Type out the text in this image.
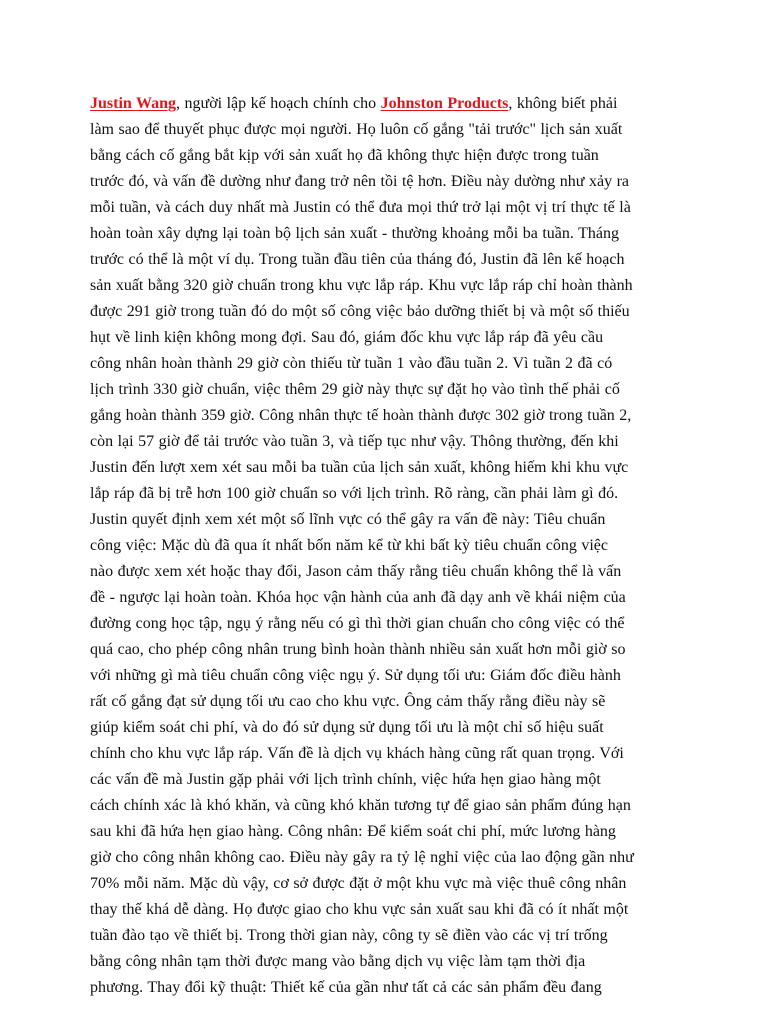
Justin Wang, người lập kế hoạch chính cho Johnston Products, không biết phải
làm sao để thuyết phục được mọi người. Họ luôn cố gắng "tải trước" lịch sản xuất
bằng cách cố gắng bắt kịp với sản xuất họ đã không thực hiện được trong tuần
trước đó, và vấn đề dường như đang trở nên tồi tệ hơn. Điều này dường như xảy ra
mỗi tuần, và cách duy nhất mà Justin có thể đưa mọi thứ trở lại một vị trí thực tế là
hoàn toàn xây dựng lại toàn bộ lịch sản xuất - thường khoảng mỗi ba tuần. Tháng
trước có thể là một ví dụ. Trong tuần đầu tiên của tháng đó, Justin đã lên kế hoạch
sản xuất bằng 320 giờ chuẩn trong khu vực lắp ráp. Khu vực lắp ráp chỉ hoàn thành
được 291 giờ trong tuần đó do một số công việc bảo dưỡng thiết bị và một số thiếu
hụt về linh kiện không mong đợi. Sau đó, giám đốc khu vực lắp ráp đã yêu cầu
công nhân hoàn thành 29 giờ còn thiếu từ tuần 1 vào đầu tuần 2. Vì tuần 2 đã có
lịch trình 330 giờ chuẩn, việc thêm 29 giờ này thực sự đặt họ vào tình thế phải cố
gắng hoàn thành 359 giờ. Công nhân thực tế hoàn thành được 302 giờ trong tuần 2,
còn lại 57 giờ để tải trước vào tuần 3, và tiếp tục như vậy. Thông thường, đến khi
Justin đến lượt xem xét sau mỗi ba tuần của lịch sản xuất, không hiếm khi khu vực
lắp ráp đã bị trễ hơn 100 giờ chuẩn so với lịch trình. Rõ ràng, cần phải làm gì đó.
Justin quyết định xem xét một số lĩnh vực có thể gây ra vấn đề này: Tiêu chuẩn
công việc: Mặc dù đã qua ít nhất bốn năm kể từ khi bất kỳ tiêu chuẩn công việc
nào được xem xét hoặc thay đổi, Jason cảm thấy rằng tiêu chuẩn không thể là vấn
đề - ngược lại hoàn toàn. Khóa học vận hành của anh đã dạy anh về khái niệm của
đường cong học tập, ngụ ý rằng nếu có gì thì thời gian chuẩn cho công việc có thể
quá cao, cho phép công nhân trung bình hoàn thành nhiều sản xuất hơn mỗi giờ so
với những gì mà tiêu chuẩn công việc ngụ ý. Sử dụng tối ưu: Giám đốc điều hành
rất cố gắng đạt sử dụng tối ưu cao cho khu vực. Ông cảm thấy rằng điều này sẽ
giúp kiểm soát chi phí, và do đó sử dụng sử dụng tối ưu là một chỉ số hiệu suất
chính cho khu vực lắp ráp. Vấn đề là dịch vụ khách hàng cũng rất quan trọng. Với
các vấn đề mà Justin gặp phải với lịch trình chính, việc hứa hẹn giao hàng một
cách chính xác là khó khăn, và cũng khó khăn tương tự để giao sản phẩm đúng hạn
sau khi đã hứa hẹn giao hàng. Công nhân: Để kiểm soát chi phí, mức lương hàng
giờ cho công nhân không cao. Điều này gây ra tỷ lệ nghỉ việc của lao động gần như
70% mỗi năm. Mặc dù vậy, cơ sở được đặt ở một khu vực mà việc thuê công nhân
thay thế khá dễ dàng. Họ được giao cho khu vực sản xuất sau khi đã có ít nhất một
tuần đào tạo về thiết bị. Trong thời gian này, công ty sẽ điền vào các vị trí trống
bằng công nhân tạm thời được mang vào bằng dịch vụ việc làm tạm thời địa
phương. Thay đổi kỹ thuật: Thiết kế của gần như tất cả các sản phẩm đều đang
